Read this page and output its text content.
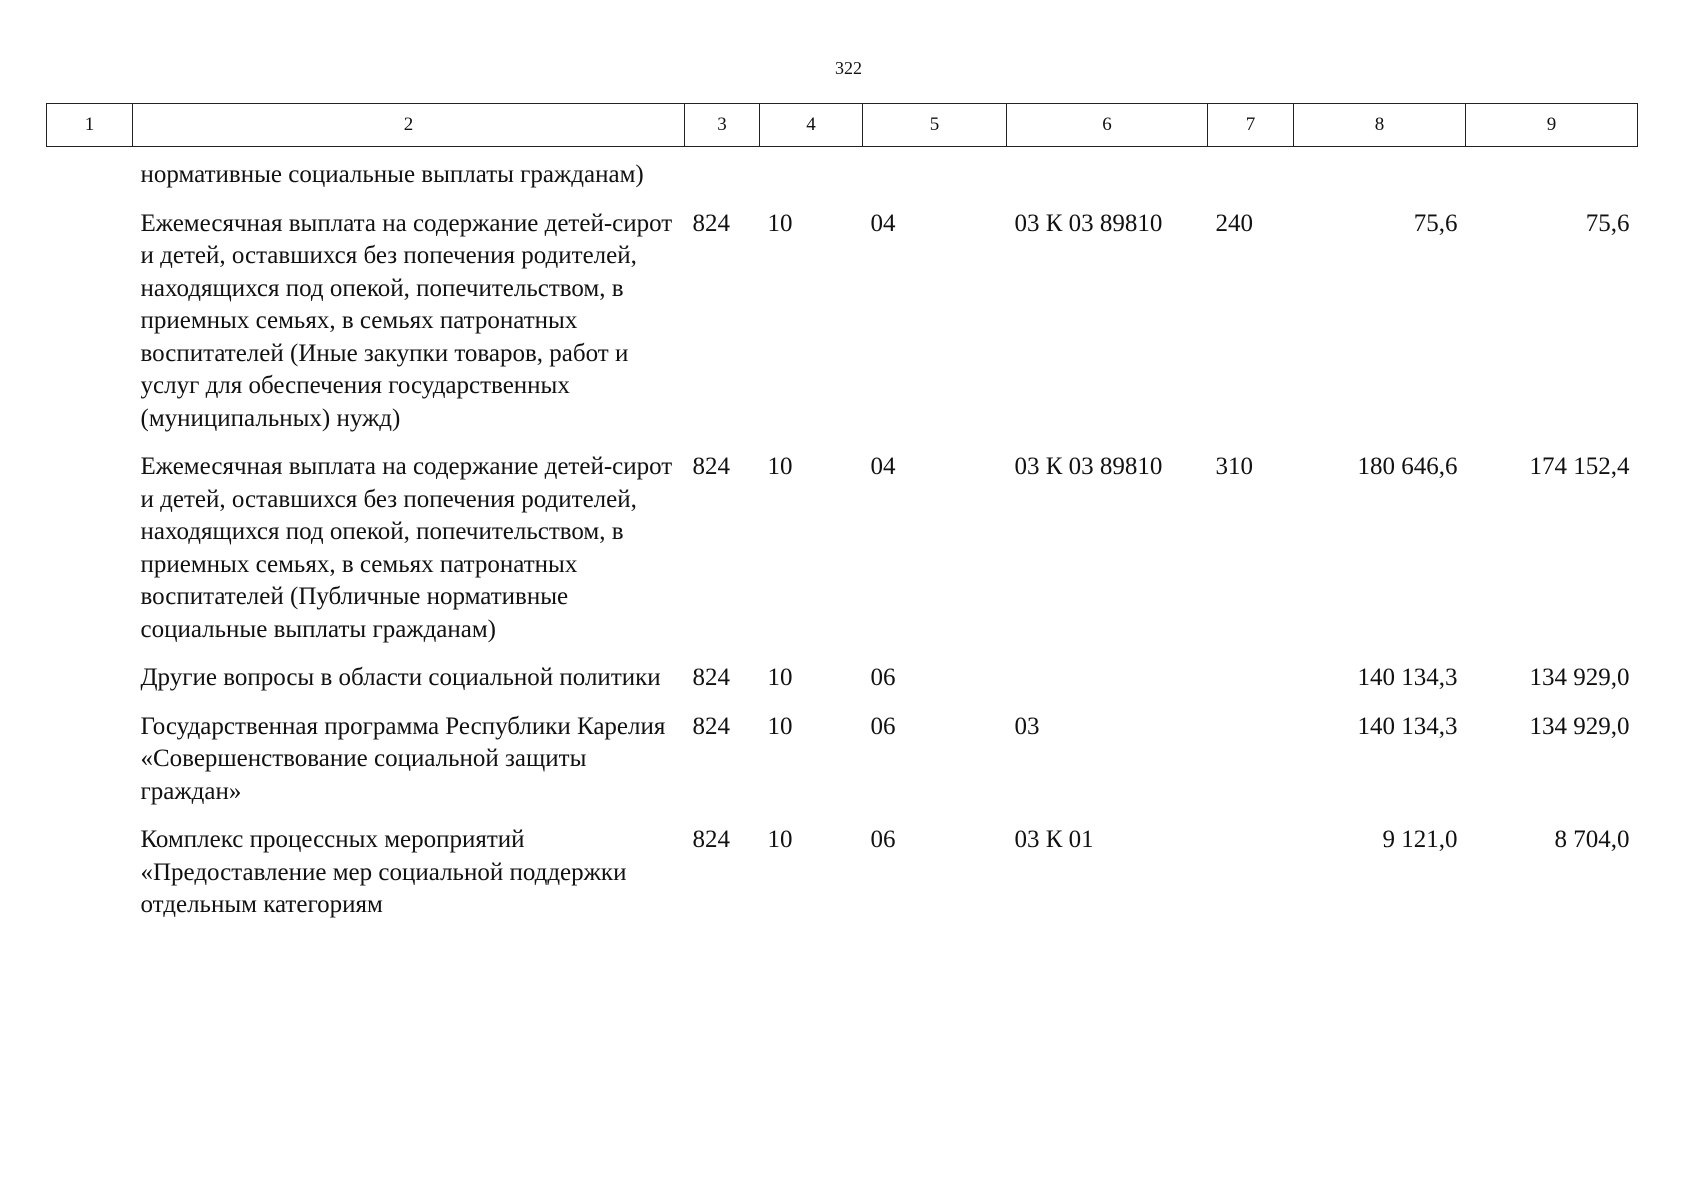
322
1	2	3	4	5	6	7	8	9
	нормативные социальные выплаты гражданам)							
	Ежемесячная выплата на содержание детей-сирот и детей, оставшихся без попечения родителей, находящихся под опекой, попечительством, в приемных семьях, в семьях патронатных воспитателей (Иные закупки товаров, работ и услуг для обеспечения государственных (муниципальных) нужд)	824	10	04	03 К 03 89810	240	75,6	75,6
	Ежемесячная выплата на содержание детей-сирот и детей, оставшихся без попечения родителей, находящихся под опекой, попечительством, в приемных семьях, в семьях патронатных воспитателей (Публичные нормативные социальные выплаты гражданам)	824	10	04	03 К 03 89810	310	180 646,6	174 152,4
	Другие вопросы в области социальной политики	824	10	06			140 134,3	134 929,0
	Государственная программа Республики Карелия «Совершенствование социальной защиты граждан»	824	10	06	03		140 134,3	134 929,0
	Комплекс процессных мероприятий «Предоставление мер социальной поддержки отдельным категориям	824	10	06	03 К 01		9 121,0	8 704,0
